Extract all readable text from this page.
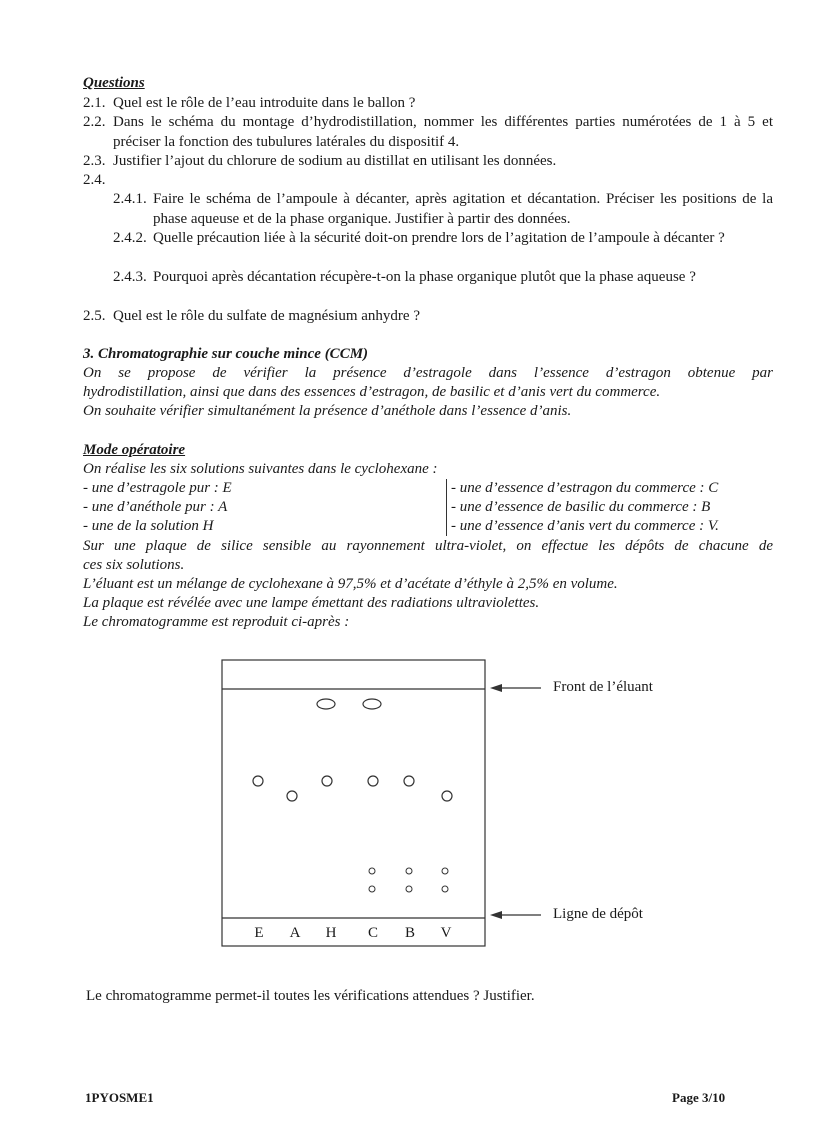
Questions
2.1. Quel est le rôle de l’eau introduite dans le ballon ?
2.2. Dans le schéma du montage d’hydrodistillation, nommer les différentes parties numérotées de 1 à 5 et préciser la fonction des tubulures latérales du dispositif 4.
2.3. Justifier l’ajout du chlorure de sodium au distillat en utilisant les données.
2.4.
2.4.1. Faire le schéma de l’ampoule à décanter, après agitation et décantation. Préciser les positions de la phase aqueuse et de la phase organique. Justifier à partir des données.
2.4.2. Quelle précaution liée à la sécurité doit-on prendre lors de l’agitation de l’ampoule à décanter ?
2.4.3. Pourquoi après décantation récupère-t-on la phase organique plutôt que la phase aqueuse ?
2.5. Quel est le rôle du sulfate de magnésium anhydre ?
3. Chromatographie sur couche mince (CCM)
On se propose de vérifier la présence d’estragole dans l’essence d’estragon obtenue par
hydrodistillation, ainsi que dans des essences d’estragon, de basilic et d’anis vert du commerce.
On souhaite vérifier simultanément la présence d’anéthole dans l’essence d’anis.
Mode opératoire
On réalise les six solutions suivantes dans le cyclohexane :
- une d’estragole pur : E
- une d’anéthole pur : A
- une de la solution H
- une d’essence d’estragon du commerce : C
- une d’essence de basilic du commerce : B
- une d’essence d’anis vert du commerce : V.
Sur une plaque de silice sensible au rayonnement ultra-violet, on effectue les dépôts de chacune de
ces six solutions.
L’éluant est un mélange de cyclohexane à 97,5% et d’acétate d’éthyle à 2,5% en volume.
La plaque est révélée avec une lampe émettant des radiations ultraviolettes.
Le chromatogramme est reproduit ci-après :
E A H C B V
Front de l’éluant
Ligne de dépôt
Le chromatogramme permet-il toutes les vérifications attendues ? Justifier.
1PYOSME1	Page 3/10
